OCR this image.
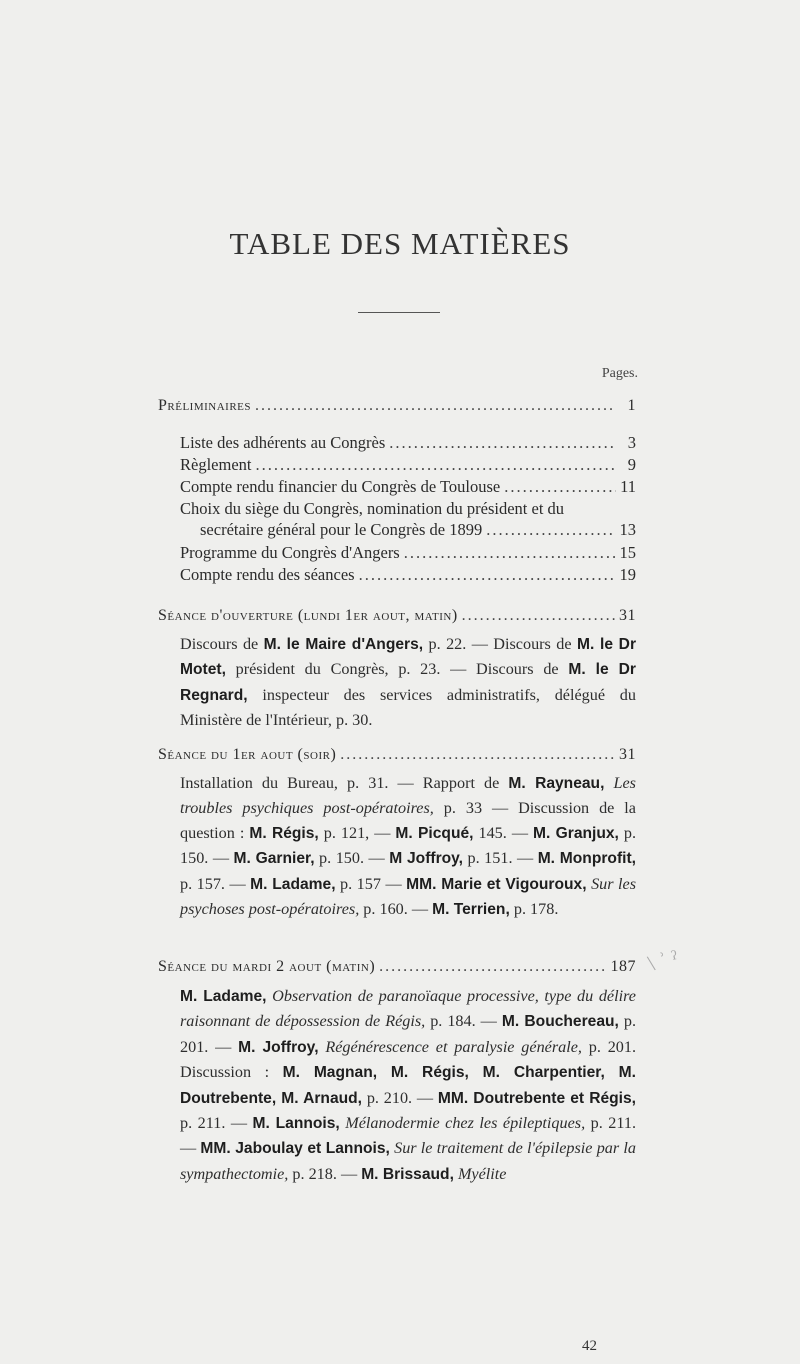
TABLE DES MATIÈRES
Pages.
Préliminaires .....	1
Liste des adhérents au Congrès .....	3
Règlement .....	9
Compte rendu financier du Congrès de Toulouse .....	11
Choix du siège du Congrès, nomination du président et du
secrétaire général pour le Congrès de 1899 .....	13
Programme du Congrès d'Angers .....	15
Compte rendu des séances .....	19
Séance d'ouverture (lundi 1er aout, matin) .....	31
Discours de M. le Maire d'Angers, p. 22. — Discours de M. le Dr Motet, président du Congrès, p. 23. — Discours de M. le Dr Regnard, inspecteur des services administratifs, délégué du Ministère de l'Intérieur, p. 30.
Séance du 1er aout (soir) .....	31
Installation du Bureau, p. 31. — Rapport de M. Rayneau, Les troubles psychiques post-opératoires, p. 33 — Discussion de la question : M. Régis, p. 121, — M. Picqué, 145. — M. Granjux, p. 150. — M. Garnier, p. 150. — M Joffroy, p. 151. — M. Monprofit, p. 157. — M. Ladame, p. 157 — MM. Marie et Vigouroux, Sur les psychoses post-opératoires, p. 160. — M. Terrien, p. 178.
Séance du mardi 2 aout (matin) .....	187 \ ʾ ˀ
M. Ladame, Observation de paranoïaque processive, type du délire raisonnant de dépossession de Régis, p. 184. — M. Bouchereau, p. 201. — M. Joffroy, Régénérescence et paralysie générale, p. 201. Discussion : M. Magnan, M. Régis, M. Charpentier, M. Doutrebente, M. Arnaud, p. 210. — MM. Doutrebente et Régis, p. 211. — M. Lannois, Mélanodermie chez les épileptiques, p. 211. — MM. Jaboulay et Lannois, Sur le traitement de l'épilepsie par la sympathectomie, p. 218. — M. Brissaud, Myélite
42
